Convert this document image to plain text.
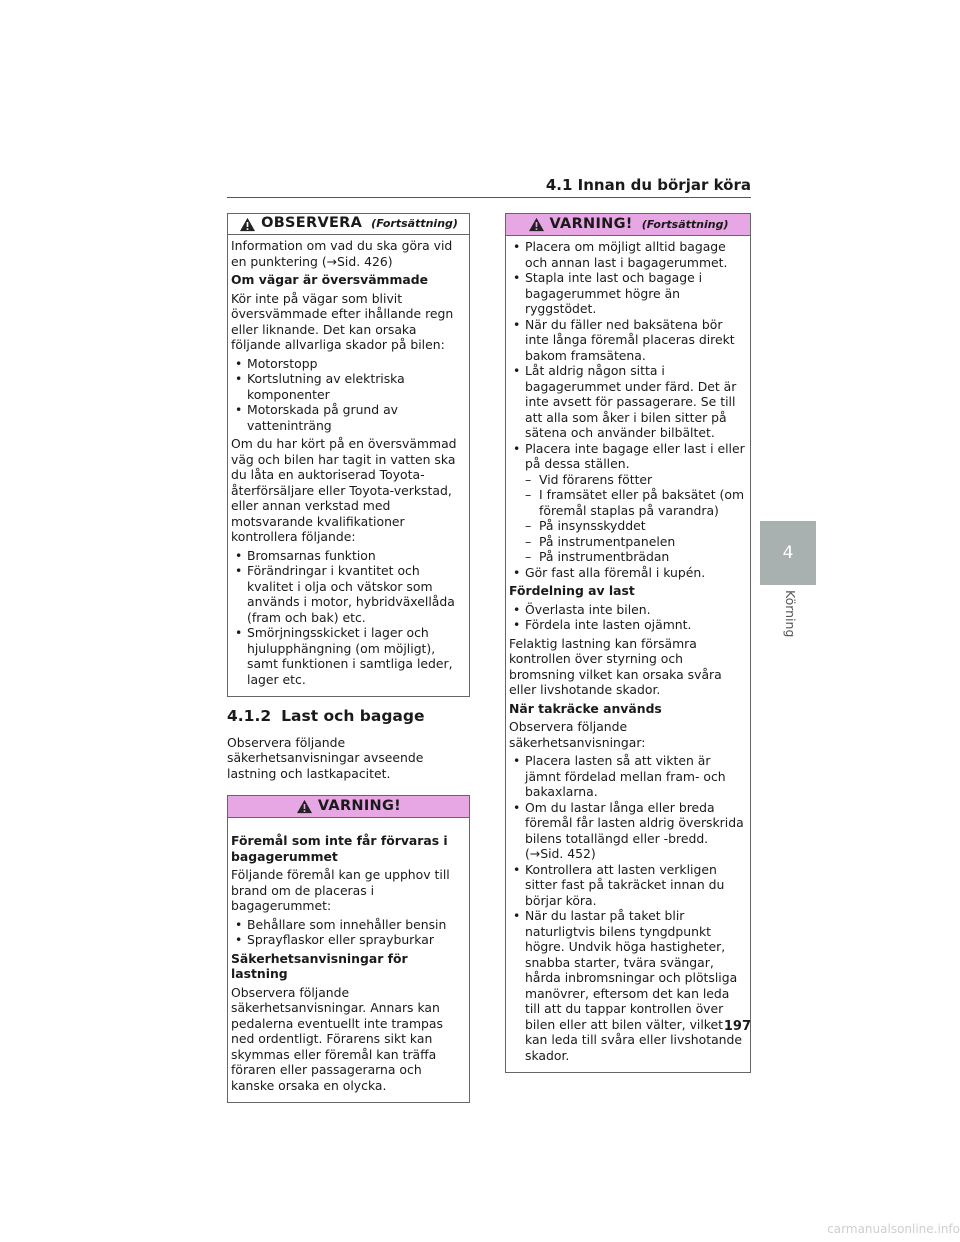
4.1 Innan du börjar köra
OBSERVERA (Fortsättning)

Information om vad du ska göra vid en punktering (→Sid. 426)

Om vägar är översvämmade

Kör inte på vägar som blivit översvämmade efter ihållande regn eller liknande. Det kan orsaka följande allvarliga skador på bilen:

• Motorstopp
• Kortslutning av elektriska komponenter
• Motorskada på grund av vatteninträng

Om du har kört på en översvämmad väg och bilen har tagit in vatten ska du låta en auktoriserad Toyota-återförsäljare eller Toyota-verkstad, eller annan verkstad med motsvarande kvalifikationer kontrollera följande:

• Bromsarnas funktion
• Förändringar i kvantitet och kvalitet i olja och vätskor som används i motor, hybridväxellåda (fram och bak) etc.
• Smörjningsskicket i lager och hjulupphängning (om möjligt), samt funktionen i samtliga leder, lager etc.
4.1.2 Last och bagage

Observera följande säkerhetsanvisningar avseende lastning och lastkapacitet.

VARNING!
Föremål som inte får förvaras i bagagerummet

Följande föremål kan ge upphov till brand om de placeras i bagagerummet:

• Behållare som innehåller bensin
• Sprayflaskor eller sprayburkar
Säkerhetsanvisningar för lastning

Observera följande säkerhetsanvisningar. Annars kan pedalerna eventuellt inte trampas ned ordentligt. Förarens sikt kan skymmas eller föremål kan träffa föraren eller passagerarna och kanske orsaka en olycka.

VARNING! (Fortsättning)
• Placera om möjligt alltid bagage och annan last i bagagerummet.
• Stapla inte last och bagage i bagagerummet högre än ryggstödet.
• När du fäller ned baksätena bör inte långa föremål placeras direkt bakom framsätena.
• Låt aldrig någon sitta i bagagerummet under färd. Det är inte avsett för passagerare. Se till att alla som åker i bilen sitter på sätena och använder bilbältet.
• Placera inte bagage eller last i eller på dessa ställen.
– Vid förarens fötter
– I framsätet eller på baksätet (om föremål staplas på varandra)
– På insynsskyddet
– På instrumentpanelen
– På instrumentbrädan
• Gör fast alla föremål i kupén.
Fördelning av last
• Överlasta inte bilen.
• Fördela inte lasten ojämnt.

Felaktig lastning kan försämra kontrollen över styrning och bromsning vilket kan orsaka svåra eller livshotande skador.

När takräcke används

Observera följande säkerhetsanvisningar:

• Placera lasten så att vikten är jämnt fördelad mellan fram- och bakaxlarna.
• Om du lastar långa eller breda föremål får lasten aldrig överskrida bilens totallängd eller -bredd. (→Sid. 452)
• Kontrollera att lasten verkligen sitter fast på takräcket innan du börjar köra.
• När du lastar på taket blir naturligtvis bilens tyngdpunkt högre. Undvik höga hastigheter, snabba starter, tvära svängar, hårda inbromsningar och plötsliga manövrer, eftersom det kan leda till att du tappar kontrollen över bilen eller att bilen välter, vilket kan leda till svåra eller livshotande skador.
4
Körning
197
carmanualsonline.info
